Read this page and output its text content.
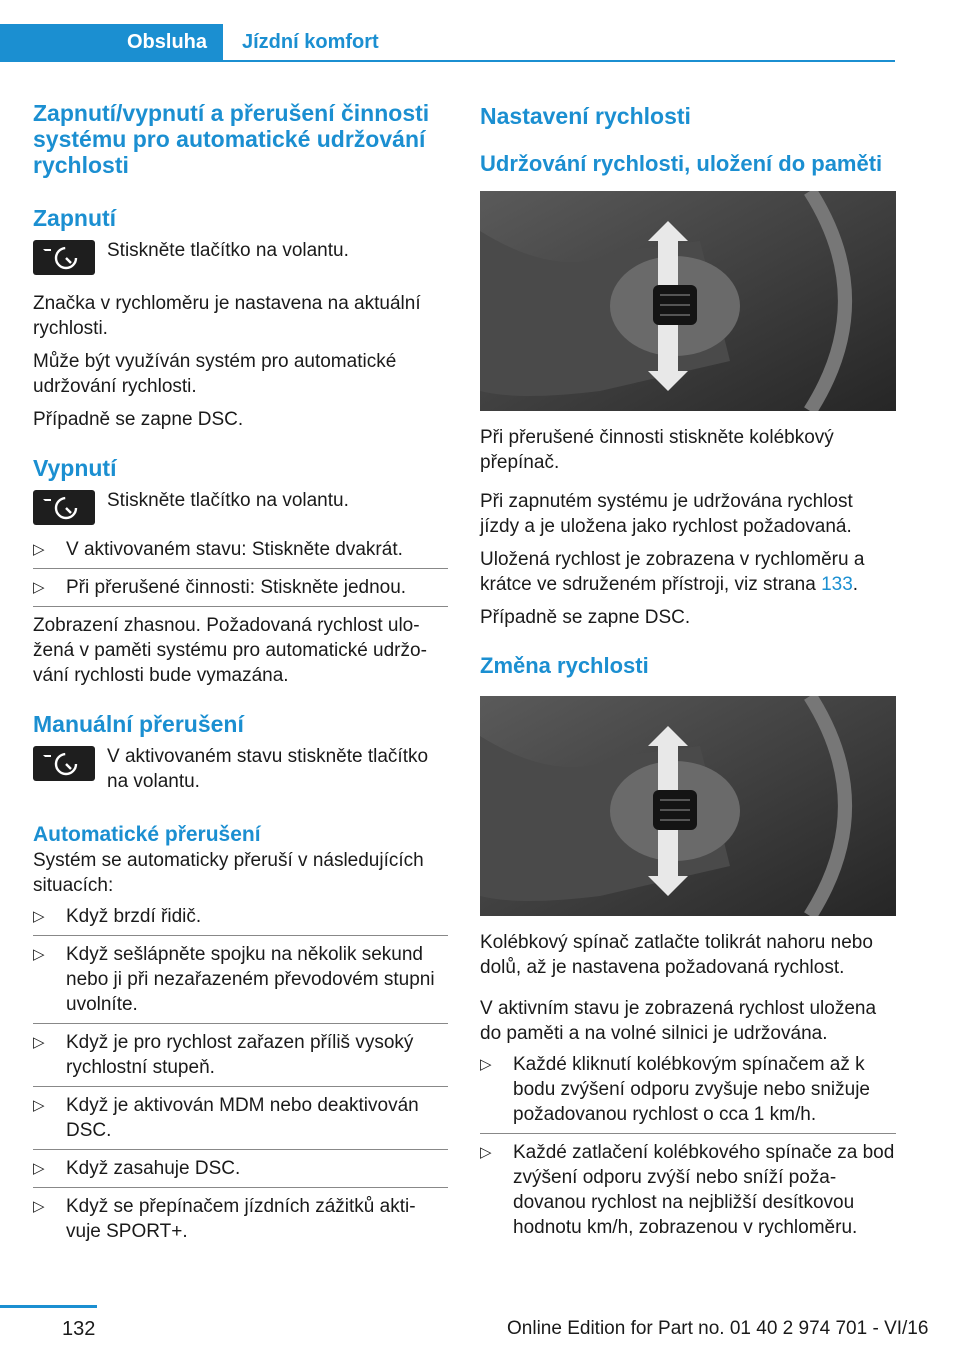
Obsluha	Jízdní komfort
Zapnutí/vypnutí a přerušení činnosti systému pro automatické udržování rychlosti
Zapnutí

Stiskněte tlačítko na volantu.

Značka v rychloměru je nastavena na aktuální rychlosti.

Může být využíván systém pro automatické udržování rychlosti.

Případně se zapne DSC.

Vypnutí

Stiskněte tlačítko na volantu.

▷ V aktivovaném stavu: Stiskněte dvakrát.
▷ Při přerušené činnosti: Stiskněte jednou.

Zobrazení zhasnou. Požadovaná rychlost ulo-žená v paměti systému pro automatické udržo-vání rychlosti bude vymazána.

Manuální přerušení

V aktivovaném stavu stiskněte tlačítko na volantu.

Automatické přerušení

Systém se automaticky přeruší v následujících situacích:

▷ Když brzdí řidič.
▷ Když sešlápněte spojku na několik sekund nebo ji při nezařazeném převodovém stupni uvolníte.
▷ Když je pro rychlost zařazen příliš vysoký rychlostní stupeň.
▷ Když je aktivován MDM nebo deaktivován DSC.
▷ Když zasahuje DSC.
▷ Když se přepínačem jízdních zážitků akti-vuje SPORT+.
Nastavení rychlosti
Udržování rychlosti, uložení do paměti

Při přerušené činnosti stiskněte kolébkový přepínač.

Při zapnutém systému je udržována rychlost jízdy a je uložena jako rychlost požadovaná.

Uložená rychlost je zobrazena v rychloměru a krátce ve sdruženém přístroji, viz strana 133.

Případně se zapne DSC.

Změna rychlosti

Kolébkový spínač zatlačte tolikrát nahoru nebo dolů, až je nastavena požadovaná rychlost.

V aktivním stavu je zobrazená rychlost uložena do paměti a na volné silnici je udržována.

▷ Každé kliknutí kolébkovým spínačem až k bodu zvýšení odporu zvyšuje nebo snižuje požadovanou rychlost o cca 1 km/h.
▷ Každé zatlačení kolébkového spínače za bod zvýšení odporu zvýší nebo sníží poža-dovanou rychlost na nejbližší desítkovou hodnotu km/h, zobrazenou v rychloměru.
132	Online Edition for Part no. 01 40 2 974 701 - VI/16
